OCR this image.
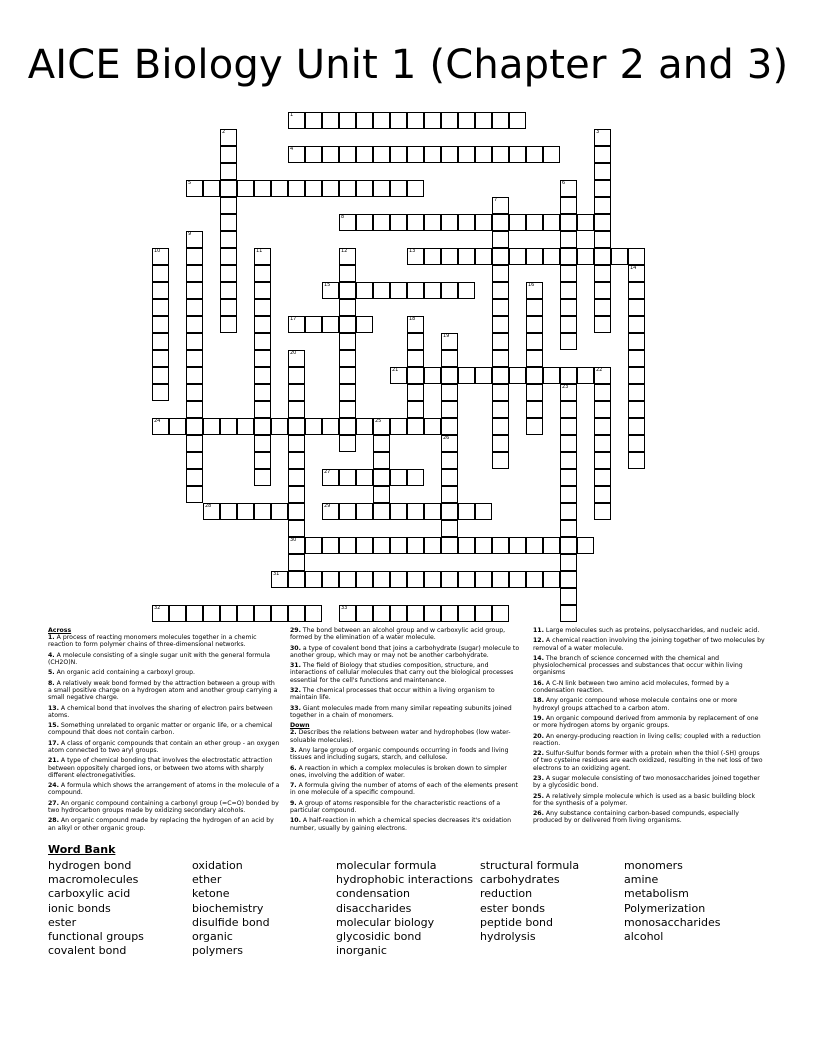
AICE Biology Unit 1 (Chapter 2 and 3)
1
2	3
4
5	6
7
8
9
10	11	12	13
14
15	16
17	18
19
26
20
30
21	22
23
24	25
27
28	29
31
32	33
Across
1. A process of reacting monomers molecules together in a chemic reaction to form polymer chains of three-dimensional networks.
4. A molecule consisting of a single sugar unit with the general formula (CH2O)N.
5. An organic acid containing a carboxyl group.
8. A relatively weak bond formed by the attraction between a group with a small positive charge on a hydrogen atom and another group carrying a small negative charge.
13. A chemical bond that involves the sharing of electron pairs between atoms.
15. Something unrelated to organic matter or organic life, or a chemical compound that does not contain carbon.
17. A class of organic compounds that contain an ether group - an oxygen atom connected to two aryl groups.
21. A type of chemical bonding that involves the electrostatic attraction between oppositely charged ions, or between two atoms with sharply different electronegativities.
24. A formula which shows the arrangement of atoms in the molecule of a compound.
27. An organic compound containing a carbonyl group (=C=O) bonded by two hydrocarbon groups made by oxidizing secondary alcohols.
28. An organic compound made by replacing the hydrogen of an acid by an alkyl or other organic group.
29. The bond between an alcohol group and w carboxylic acid group, formed by the elimination of a water molecule.
30. a type of covalent bond that joins a carbohydrate (sugar) molecule to another group, which may or may not be another carbohydrate.
31. The field of Biology that studies composition, structure, and interactions of cellular molecules that carry out the biological processes essential for the cell's functions and maintenance.
32. The chemical processes that occur within a living organism to maintain life.
33. Giant molecules made from many similar repeating subunits joined together in a chain of monomers.
Down
2. Describes the relations between water and hydrophobes (low water-soluable molecules).
3. Any large group of organic compounds occurring in foods and living tissues and including sugars, starch, and cellulose.
6. A reaction in which a complex molecules is broken down to simpler ones, involving the addition of water.
7. A formula giving the number of atoms of each of the elements present in one molecule of a specific compound.
9. A group of atoms responsible for the characteristic reactions of a particular compound.
10. A half-reaction in which a chemical species decreases it's oxidation number, usually by gaining electrons.
11. Large molecules such as proteins, polysaccharides, and nucleic acid.
12. A chemical reaction involving the joining together of two molecules by removal of a water molecule.
14. The branch of science concerned with the chemical and physiolochemical processes and substances that occur within living organisms
16. A C-N link between two amino acid molecules, formed by a condensation reaction.
18. Any organic compound whose molecule contains one or more hydroxyl groups attached to a carbon atom.
19. An organic compound derived from ammonia by replacement of one or more hydrogen atoms by organic groups.
20. An energy-producing reaction in living cells; coupled with a reduction reaction.
22. Sulfur-Sulfur bonds former with a protein when the thiol (-SH) groups of two cysteine residues are each oxidized, resulting in the net loss of two electrons to an oxidizing agent.
23. A sugar molecule consisting of two monosaccharides joined together by a glycosidic bond.
25. A relatively simple molecule which is used as a basic building block for the synthesis of a polymer.
26. Any substance containing carbon-based compunds, especially produced by or delivered from living organisms.
Word Bank
hydrogen bond
macromolecules
carboxylic acid
ionic bonds
ester
functional groups
covalent bond
oxidation
ether
ketone
biochemistry
disulfide bond
organic
polymers
molecular formula
hydrophobic interactions
condensation
disaccharides
molecular biology
glycosidic bond
inorganic
structural formula
carbohydrates
reduction
ester bonds
peptide bond
hydrolysis
monomers
amine
metabolism
Polymerization
monosaccharides
alcohol
